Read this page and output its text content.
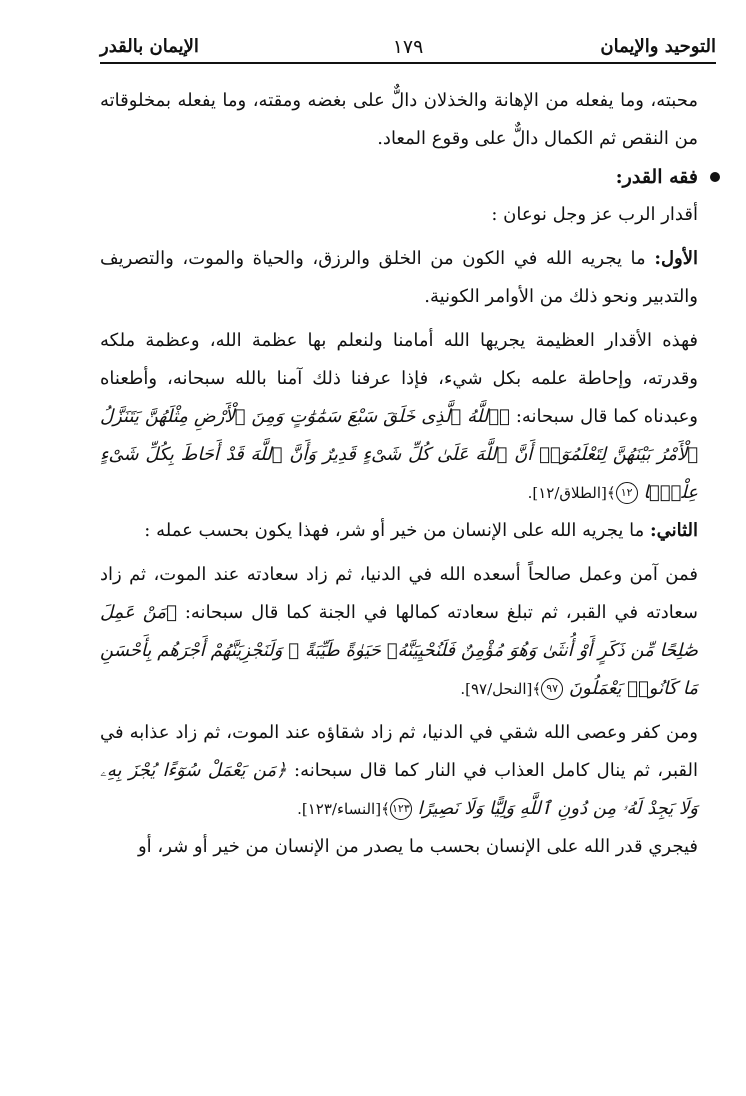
التوحيد والإيمان
١٧٩
الإيمان بالقدر

محبته، وما يفعله من الإهانة والخذلان دالٌّ على بغضه ومقته، وما يفعله بمخلوقاته من النقص ثم الكمال دالٌّ على وقوع المعاد.

فقه القدر:

أقدار الرب عز وجل نوعان :

الأول: ما يجريه الله في الكون من الخلق والرزق، والحياة والموت، والتصريف والتدبير ونحو ذلك من الأوامر الكونية.

فهذه الأقدار العظيمة يجريها الله أمامنا ولنعلم بها عظمة الله، وعظمة ملكه وقدرته، وإحاطة علمه بكل شيء، فإذا عرفنا ذلك آمنا بالله سبحانه، وأطعناه وعبدناه كما قال سبحانه: ﴿ٱللَّهُ ٱلَّذِى خَلَقَ سَبْعَ سَمَٰوَٰتٍ وَمِنَ ٱلْأَرْضِ مِثْلَهُنَّ يَتَنَزَّلُ ٱلْأَمْرُ بَيْنَهُنَّ لِتَعْلَمُوٓا۟ أَنَّ ٱللَّهَ عَلَىٰ كُلِّ شَىْءٍ قَدِيرٌ وَأَنَّ ٱللَّهَ قَدْ أَحَاطَ بِكُلِّ شَىْءٍ عِلْمًۢا ١٢﴾[الطلاق/١٢].

الثاني: ما يجريه الله على الإنسان من خير أو شر، فهذا يكون بحسب عمله :

فمن آمن وعمل صالحاً أسعده الله في الدنيا، ثم زاد سعادته عند الموت، ثم زاد سعادته في القبر، ثم تبلغ سعادته كمالها في الجنة كما قال سبحانه: ﴿مَنْ عَمِلَ صَٰلِحًا مِّن ذَكَرٍ أَوْ أُنثَىٰ وَهُوَ مُؤْمِنٌ فَلَنُحْيِيَنَّهُۥ حَيَوٰةً طَيِّبَةً ۖ وَلَنَجْزِيَنَّهُمْ أَجْرَهُم بِأَحْسَنِ مَا كَانُوا۟ يَعْمَلُونَ ٩٧﴾[النحل/٩٧].

ومن كفر وعصى الله شقي في الدنيا، ثم زاد شقاؤه عند الموت، ثم زاد عذابه في القبر، ثم ينال كامل العذاب في النار كما قال سبحانه: ﴿مَن يَعْمَلْ سُوٓءًا يُجْزَ بِهِۦ وَلَا يَجِدْ لَهُۥ مِن دُونِ ٱللَّهِ وَلِيًّا وَلَا نَصِيرًا ١٢٣﴾[النساء/١٢٣].

فيجري قدر الله على الإنسان بحسب ما يصدر من الإنسان من خير أو شر، أو
